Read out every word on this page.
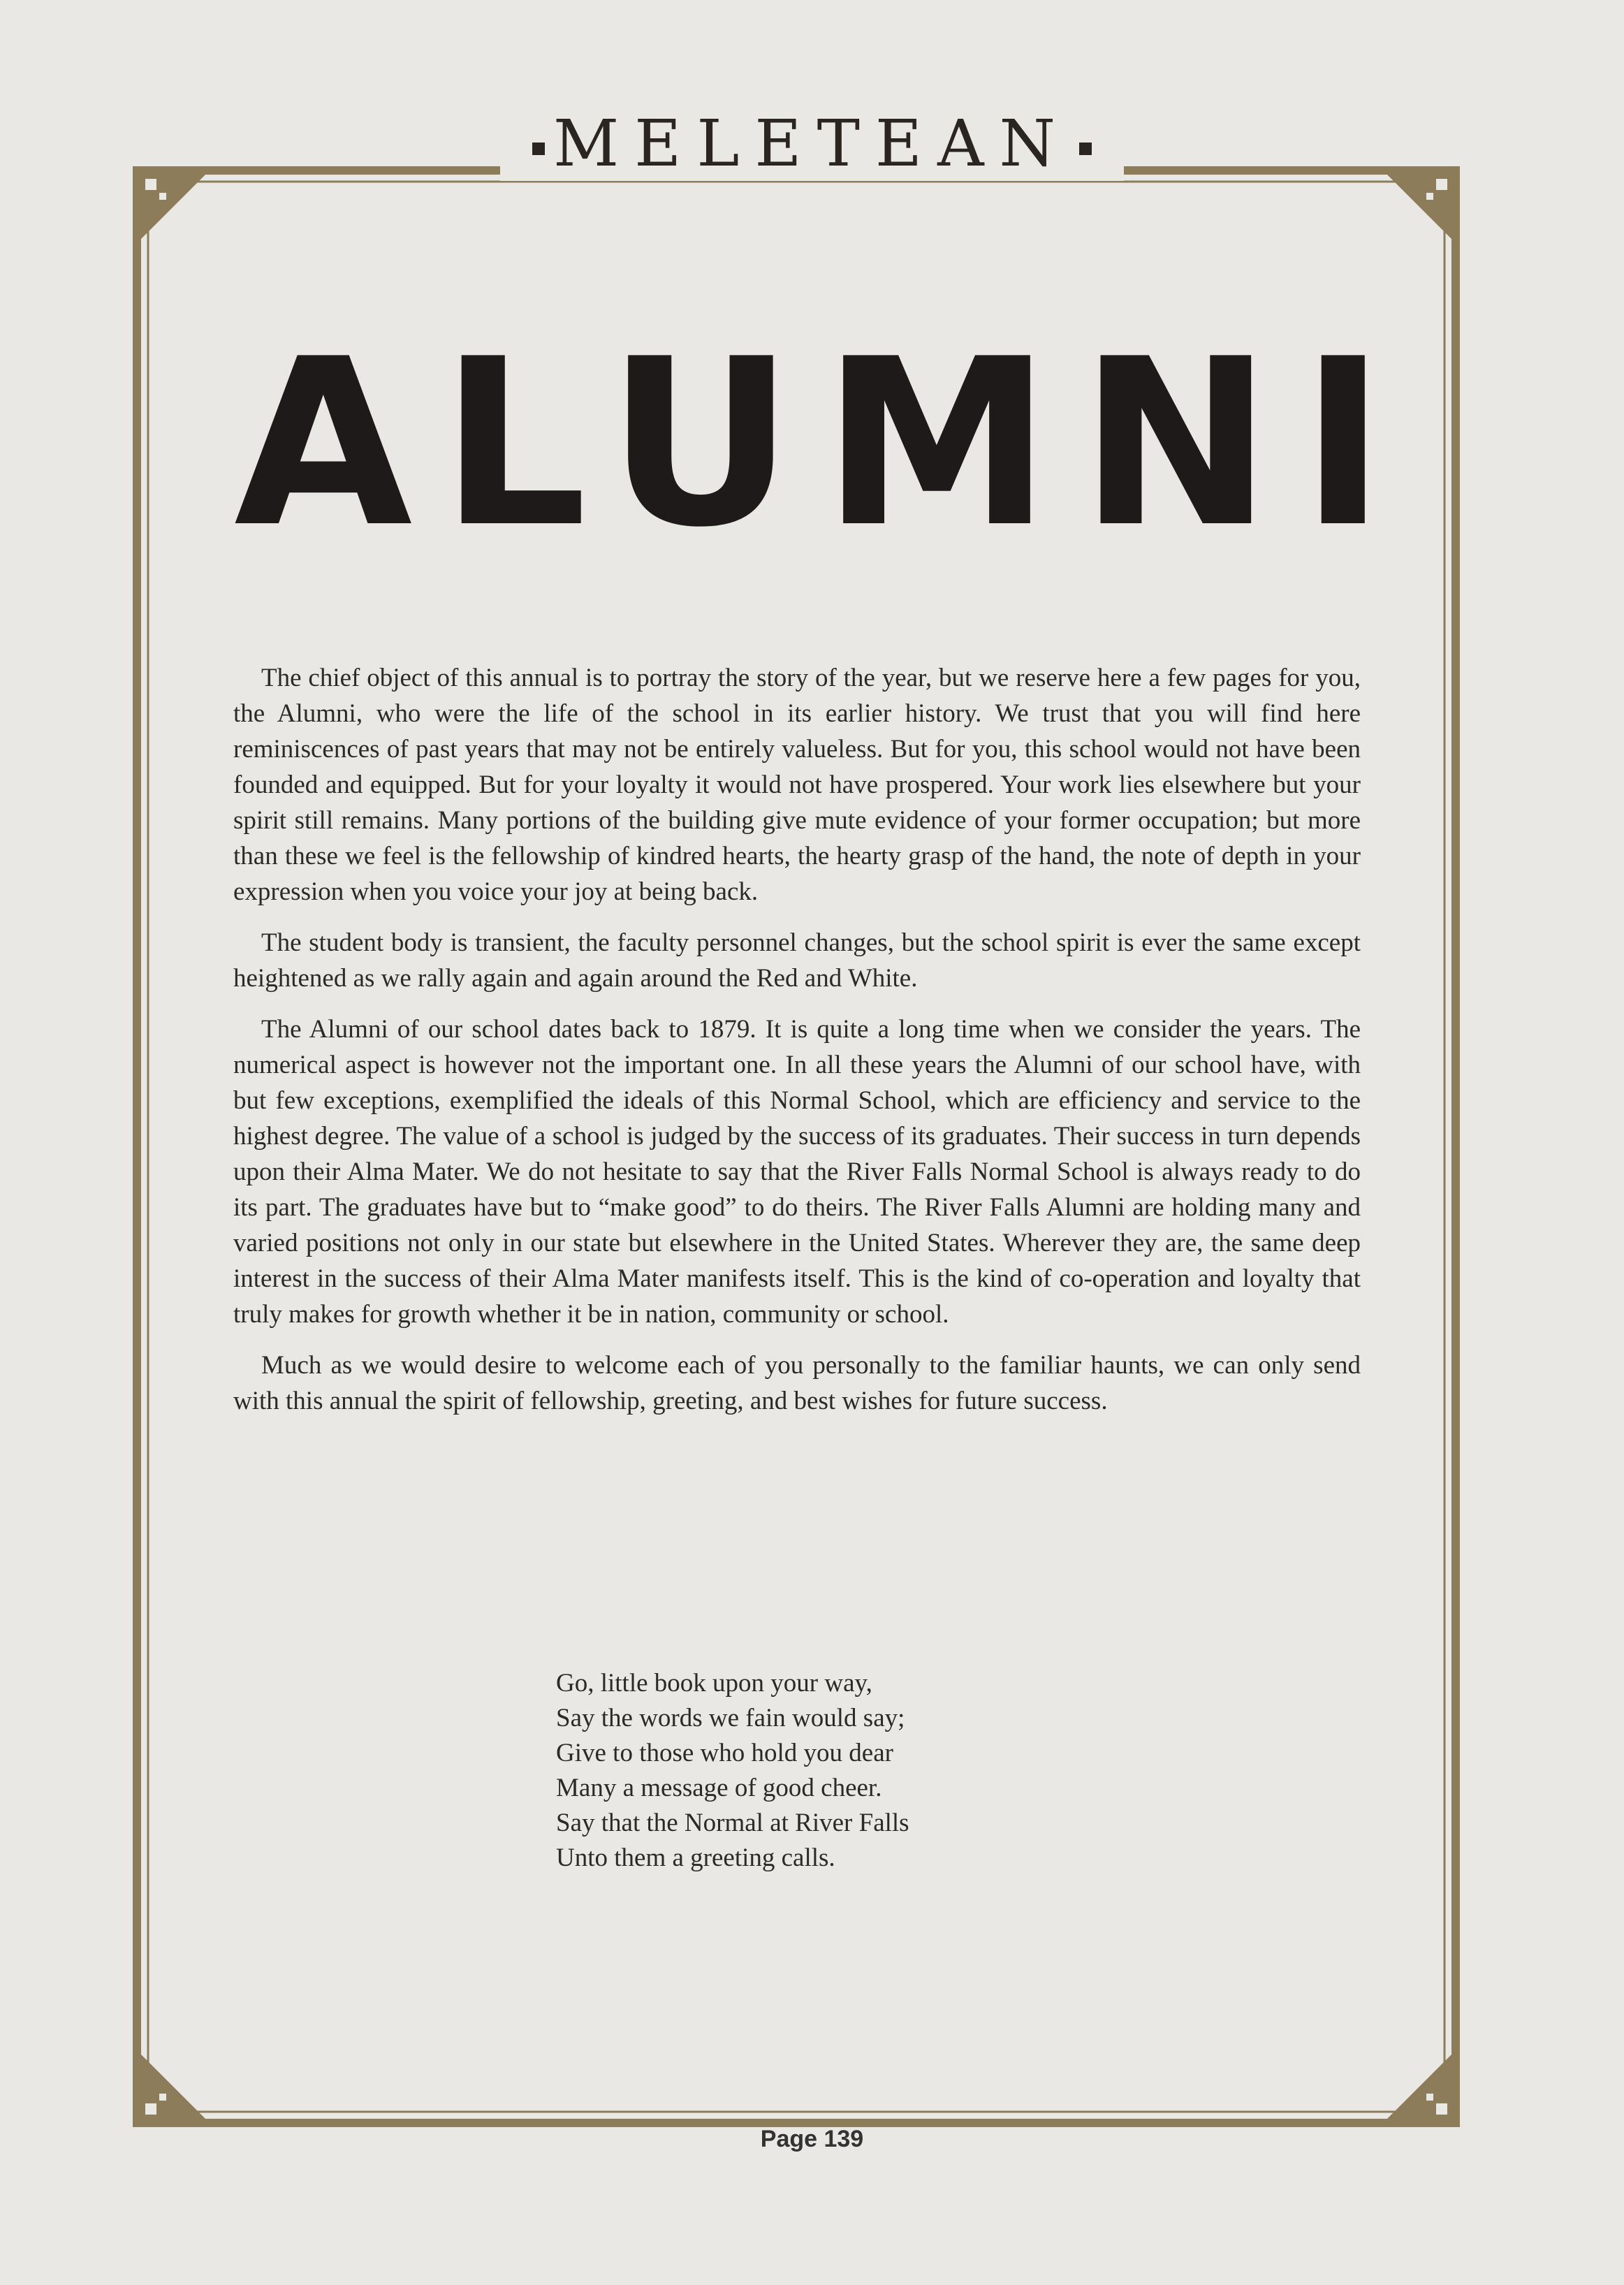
MELETEAN
ALUMNI

The chief object of this annual is to portray the story of the year, but we reserve here a few pages for you, the Alumni, who were the life of the school in its earlier history. We trust that you will find here reminiscences of past years that may not be entirely valueless. But for you, this school would not have been founded and equipped. But for your loyalty it would not have prospered. Your work lies elsewhere but your spirit still remains. Many portions of the building give mute evidence of your former occupation; but more than these we feel is the fellowship of kindred hearts, the hearty grasp of the hand, the note of depth in your expression when you voice your joy at being back.

The student body is transient, the faculty personnel changes, but the school spirit is ever the same except heightened as we rally again and again around the Red and White.

The Alumni of our school dates back to 1879. It is quite a long time when we consider the years. The numerical aspect is however not the important one. In all these years the Alumni of our school have, with but few exceptions, exemplified the ideals of this Normal School, which are efficiency and service to the highest degree. The value of a school is judged by the success of its graduates. Their success in turn depends upon their Alma Mater. We do not hesitate to say that the River Falls Normal School is always ready to do its part. The graduates have but to “make good” to do theirs. The River Falls Alumni are holding many and varied positions not only in our state but elsewhere in the United States. Wherever they are, the same deep interest in the success of their Alma Mater manifests itself. This is the kind of co-operation and loyalty that truly makes for growth whether it be in nation, community or school.

Much as we would desire to welcome each of you personally to the familiar haunts, we can only send with this annual the spirit of fellowship, greeting, and best wishes for future success.

Go, little book upon your way,
Say the words we fain would say;
Give to those who hold you dear
Many a message of good cheer.
Say that the Normal at River Falls
Unto them a greeting calls.
Page 139
